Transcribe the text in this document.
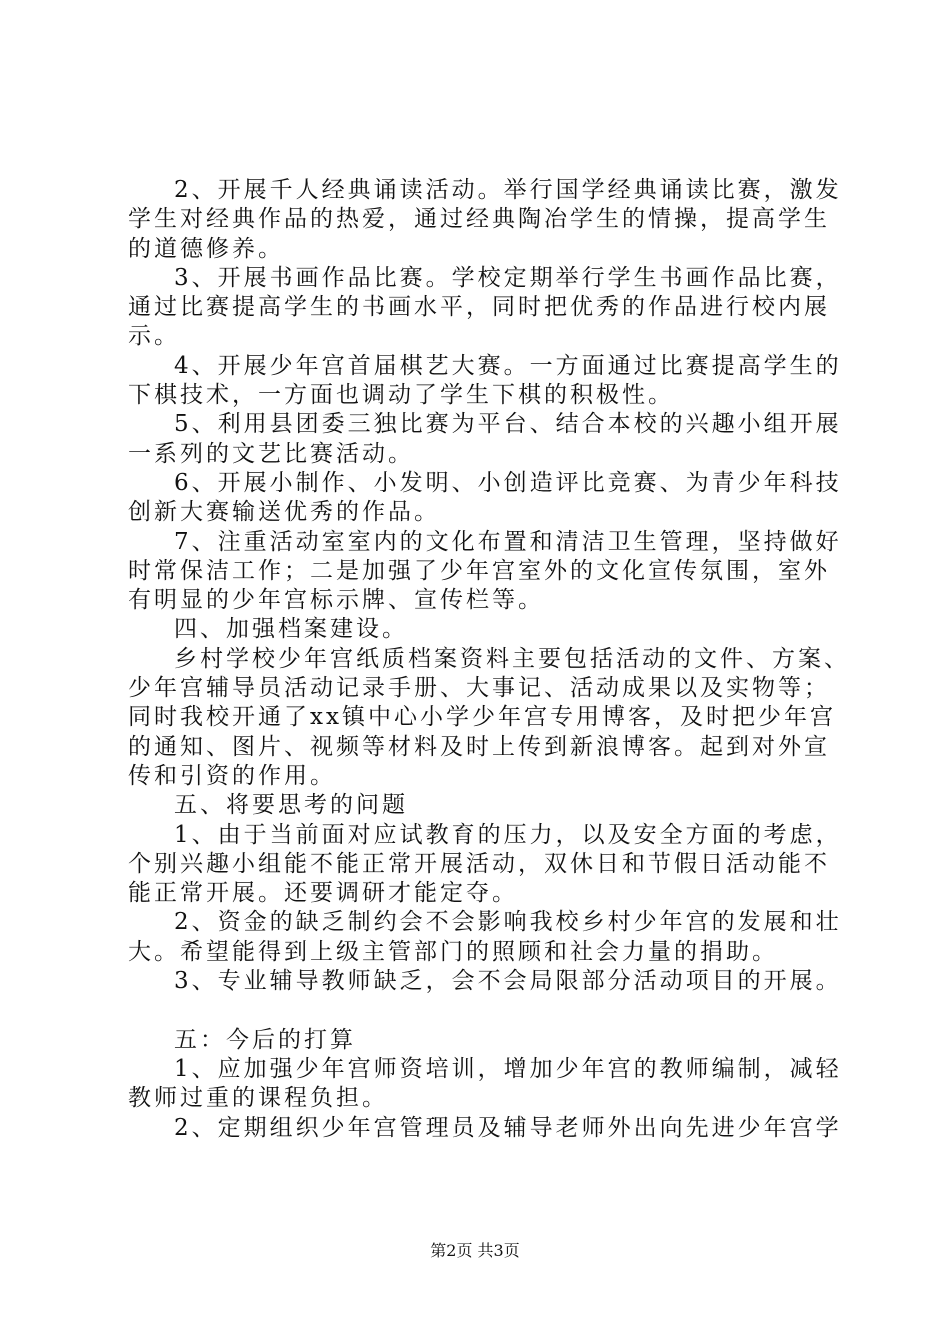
2、开展千人经典诵读活动。举行国学经典诵读比赛，激发
学生对经典作品的热爱，通过经典陶冶学生的情操，提高学生
的道德修养。
3、开展书画作品比赛。学校定期举行学生书画作品比赛，
通过比赛提高学生的书画水平，同时把优秀的作品进行校内展
示。
4、开展少年宫首届棋艺大赛。一方面通过比赛提高学生的
下棋技术，一方面也调动了学生下棋的积极性。
5、利用县团委三独比赛为平台、结合本校的兴趣小组开展
一系列的文艺比赛活动。
6、开展小制作、小发明、小创造评比竞赛、为青少年科技
创新大赛输送优秀的作品。
7、注重活动室室内的文化布置和清洁卫生管理，坚持做好
时常保洁工作；二是加强了少年宫室外的文化宣传氛围，室外
有明显的少年宫标示牌、宣传栏等。
四、加强档案建设。
乡村学校少年宫纸质档案资料主要包括活动的文件、方案、
少年宫辅导员活动记录手册、大事记、活动成果以及实物等；
同时我校开通了xx镇中心小学少年宫专用博客，及时把少年宫
的通知、图片、视频等材料及时上传到新浪博客。起到对外宣
传和引资的作用。
五、将要思考的问题
1、由于当前面对应试教育的压力，以及安全方面的考虑，
个别兴趣小组能不能正常开展活动，双休日和节假日活动能不
能正常开展。还要调研才能定夺。
2、资金的缺乏制约会不会影响我校乡村少年宫的发展和壮
大。希望能得到上级主管部门的照顾和社会力量的捐助。
3、专业辅导教师缺乏，会不会局限部分活动项目的开展。
五：今后的打算
1、应加强少年宫师资培训，增加少年宫的教师编制，减轻
教师过重的课程负担。
2、定期组织少年宫管理员及辅导老师外出向先进少年宫学
第2页 共3页
